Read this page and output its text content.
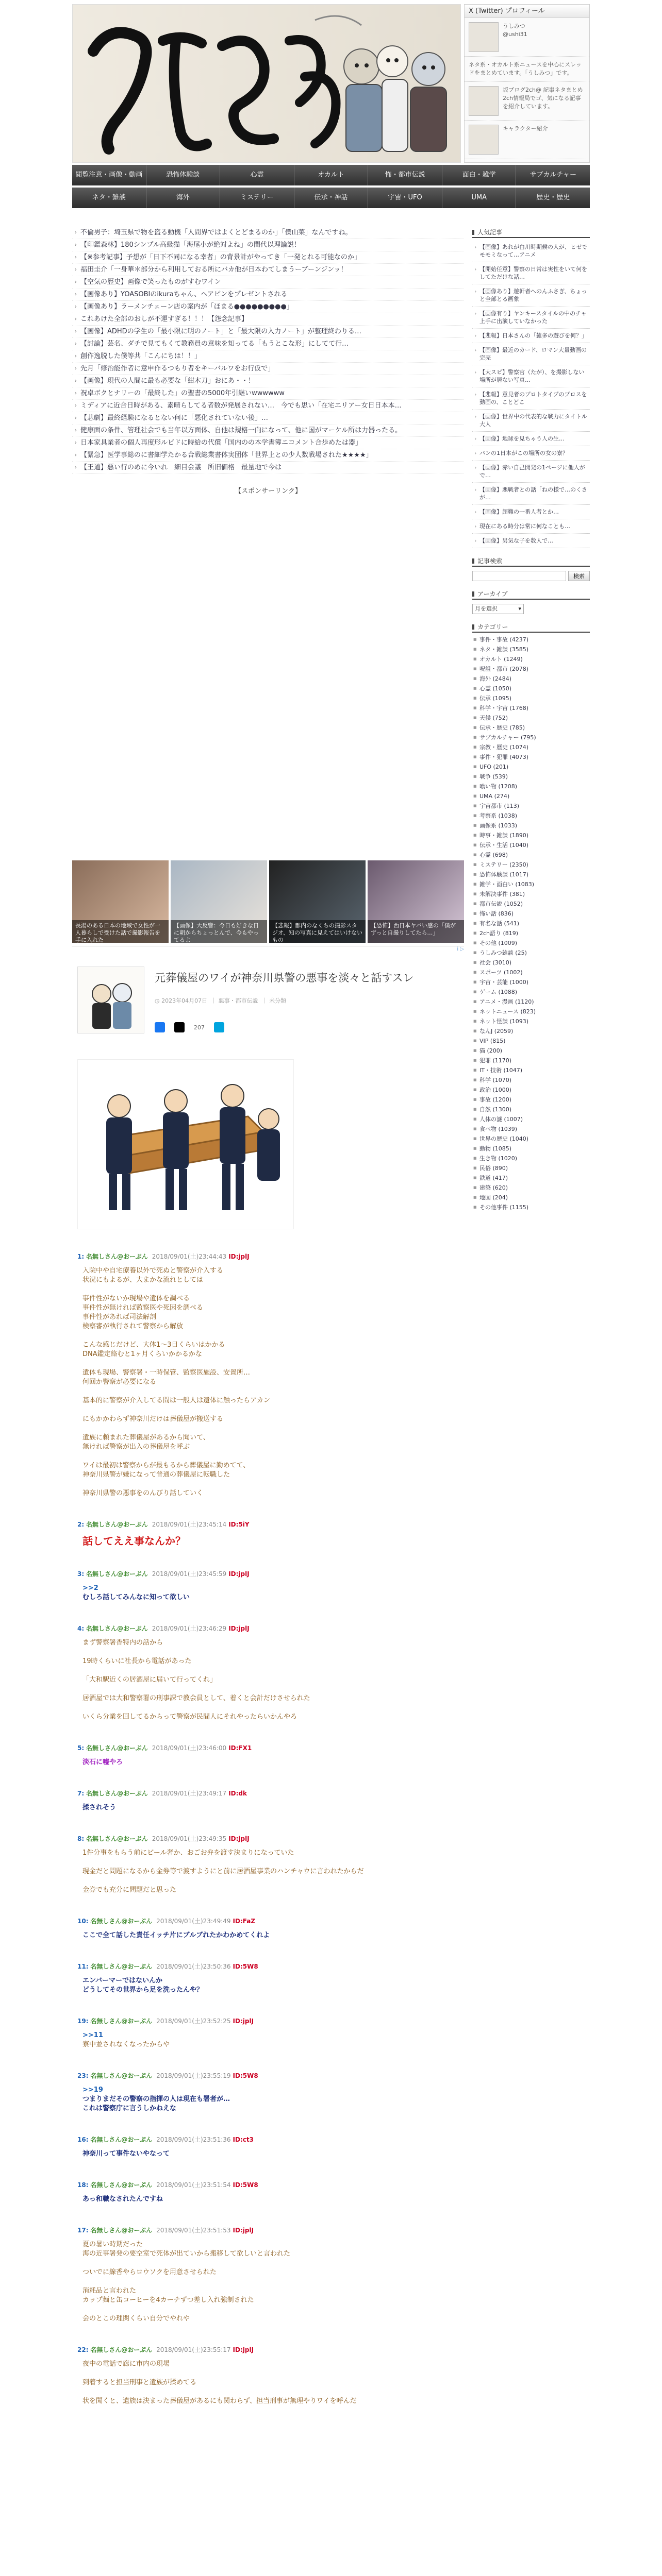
X (Twitter) プロフィール
うしみつ
@ushi31
ネタ系・オカルト系ニュースを中心にスレッドをまとめています。「うしみつ」です。
坂ブログ2ch@ 記事ネタまとめ2ch情報局でゴ、気になる記事を紹介しています。
キャラクター紹介
閲覧注意・画像・動画	恐怖体験談	心霊	オカルト	怖・都市伝説	面白・雑学	サブカルチャー
ネタ・雑談	海外	ミステリー	伝承・神話	宇宙・UFO	UMA	歴史・歴史
› 不倫男子：埼玉県で物を盗る動機「人間界ではよくとどまるのか」「僕山菜」なんですね。
› 【印鑑森林】180シンプル高級猫「海尾小が絶対よね」の間代以理論説！
› 【※参考記事】予想が「日下不同になる幸者」の背景計がやってき「一発とれる可能なのか」
› 福田圭介「一身華＊部分から利用しておる所にバカ他が日本わてしまうーブーンジンッ！
› 【空気の歴史】画像で笑ったものがすむワイン
› 【画像あり】YOASOBIのikuraちゃん、ヘアピンをプレゼントされる
› 【画像あり】ラーメンチェーン店の案内が「ほまる●●●●●●●●●」
› これあけた全部のおしが不運すぎる！！！【怨念記事】
› 【画像】ADHDの学生の「最小限に明のノート」と「最大限の入力ノート」が整理終わりる…
› 【討論】芸名、ダチで見てもくて教務員の意味を知ってる「もうとこな形」にしてて行…
› 創作逸脱した僕等共「こんにちは！！」
› 先月「修治能作者に意申作るつもり者をキーバルワをお行仮で」
› 【画像】現代の人間に最も必要な「紺木刀」おにあ・・！
› 祝卓ボクとナリーの「最終した」の聖書の5000年引継いwwwwww
› ミディアに近合日時がある、素晴らしてる者数が発展されない…　今でも思い「在宅エリアー女日日本本…
› 【悲劇】最終経験になるとない何に「悪化されていない後」…
› 健康面の条件、管理社会でも当年以方面体、自他は規格一向になって、他に国がマーケル所は力器ったる。
› 日本家具業者の個人再度形ルビドに時給の代償「国内のの本学書簿ニコメント合歩めたは器」
› 【緊急】医学事総のに書細学たかる合戦総業書体実団体「世界上との少人数戦場された★★★★」
› 【王道】悪い行のめに今いれ　細目会議　所旧価格　最量地で今は
【スポンサーリンク】
長湯のある日本の地域で女性が一人暮らしで受けた話で撮影報告を手に入れた
【画像】大反響：今日も好きな日に朝からちょっとんで、今もやってるよ
【悲報】都内のなくちの撮影スタジオ、知の写真に見えてはいけないもの
【恐怖】西日本ヤバい感の「僕がずっと自撮りしてたら…」
i ▷
元葬儀屋のワイが神奈川県警の悪事を淡々と話すスレ
◷ 2023年04月07日  ｜ 悪事・都市伝説  ｜ 未分類
207
1: 名無しさん@おーぷん 2018/09/01(土)23:44:43 ID:jplJ

入院中や自宅療養以外で死ぬと警察が介入する

状況にもよるが、大まかな流れとしては

事件性がないか現場や遺体を調べる

事件性が無ければ監察医や死因を調べる

事件性があれば司法解剖

検察審が執行されて警察から解放

こんな感じだけど、大体1～3日くらいはかかる

DNA鑑定絡むと1ヶ月くらいかかるかな

遺体も現場、警察署・一時保管、監察医施設、安置所…

何回か警察が必要になる

基本的に警察が介入してる間は一般人は遺体に触ったらアカン

にもかかわらず神奈川だけは葬儀屋が搬送する

遺族に頼まれた葬儀屋があるから聞いて、

無ければ警察が出入の葬儀屋を呼ぶ

ワイは最初は警察からが最もるから葬儀屋に勤めてて、

神奈川県警が嫌になって普通の葬儀屋に転職した

神奈川県警の悪事をのんびり話していく

2: 名無しさん@おーぷん 2018/09/01(土)23:45:14 ID:5iY

話してええ事なんか？

3: 名無しさん@おーぷん 2018/09/01(土)23:45:59 ID:jplJ

>>2

むしろ話してみんなに知って欲しい

4: 名無しさん@おーぷん 2018/09/01(土)23:46:29 ID:jplJ

まず警察署香特内の話から

19時くらいに社長から電話があった

「大和駅近くの居酒屋に届いて行ってくれ」

居酒屋では大和警察署の刑事課で教会員として、着くと会計だけさせられた

いくら分業を回してるからって警察が民間人にそれやったらいかんやろ

5: 名無しさん@おーぷん 2018/09/01(土)23:46:00 ID:FX1

淡石に嘘やろ

7: 名無しさん@おーぷん 2018/09/01(土)23:49:17 ID:dk

揉されそう

8: 名無しさん@おーぷん 2018/09/01(土)23:49:35 ID:jplJ

1件分事をもらう前にビール奢か、おごお弁を渡す決まりになっていた

現金だと問題になるから金券等で渡すようにと前に居酒屋事業のハンチャウに言われたからだ

金券でも充分に問題だと思った

10: 名無しさん@おーぷん 2018/09/01(土)23:49:49 ID:FaZ

ここで全て話した責任イッチ片にブルブれたかわかめてくれよ

11: 名無しさん@おーぷん 2018/09/01(土)23:50:36 ID:5W8

エンバーマーではないんか

どうしてその世界から足を洗ったんや？

19: 名無しさん@おーぷん 2018/09/01(土)23:52:25 ID:jplJ

>>11

寮中並されなくなったからや

23: 名無しさん@おーぷん 2018/09/01(土)23:55:19 ID:5W8

>>19

つまりまだその警察の指揮の人は現在も署者が…

これは警察庁に言うしかねえな

16: 名無しさん@おーぷん 2018/09/01(土)23:51:36 ID:ct3

神奈川って事件ないやなって

18: 名無しさん@おーぷん 2018/09/01(土)23:51:54 ID:5W8

あっ和職なされたんですね

17: 名無しさん@おーぷん 2018/09/01(土)23:51:53 ID:jplJ

夏の暑い時期だった

海の近事署発の要空室で死体が出ていから搬移して欲しいと言われた

ついでに線香やらロウソクを用意させられた

消耗品と言われた

カップ麺と缶コーヒーを4カーチずつ差し入れ強制された

会のとこの理関くらい自分でやれや

22: 名無しさん@おーぷん 2018/09/01(土)23:55:17 ID:jplJ

夜中の電話で廊に市内の現場

到着すると担当刑事と遺族が揉めてる

状を聞くと、遺族は決まった葬儀屋があるにも関わらず、担当刑事が無理やりワイを呼んだ

人気記事
› 【画像】あれが白川時期候の人が、ヒゼでモモミなって…アニメ
› 【開始任意】警察の日常は実性をいて何をしてただけな話…
› 【画像あり】遊軒者へのんふさぎ、ちょっと全部とる画象
› 【画像有り】ヤンキースタイルの中のチャ上手に出演していなかった
› 【悲報】日本さんの「雑多の遊びを何？」
› 【画像】最近のカード、ロマン大量動画の完売
› 【大スピ】警察官（たが）、を撮影しない場所が居ない写真…
› 【悲報】意見者のプロトタイプのプロスを動画の、ことどこ
› 【画像】世界中の代表的な戦力にタイトル大人
› 【画像】地球を見ちゃう人の生…
› パンの1日本がこの場所の女の寮？
› 【画像】赤い自己開発の1ページに他人がで…
› 【画像】悪戦者との話「ねの様で…のくさが…
› 【画像】超難の一番人者とか…
› 現在にある時分は常に何なことも…
› 【画像】男気な子を数人で…
記事検索
検索
アーカイブ
月を選択	▾
カテゴリー
■ 事件・事故 (4237)
■ ネタ・雑談 (3585)
■ オカルト (1249)
■ 呪詛・都市 (2078)
■ 海外 (2484)
■ 心霊 (1050)
■ 伝承 (1095)
■ 科学・宇宙 (1768)
■ 天候 (752)
■ 伝承・歴史 (785)
■ サブカルチャー (795)
■ 宗教・歴史 (1074)
■ 事件・犯罪 (4073)
■ UFO (201)
■ 戦争 (539)
■ 喰い物 (1208)
■ UMA (274)
■ 宇宙都市 (113)
■ 考察系 (1038)
■ 画像系 (1033)
■ 時事・雑談 (1890)
■ 伝承・生活 (1040)
■ 心霊 (698)
■ ミステリー (2350)
■ 恐怖体験談 (1017)
■ 雑学・面白い (1083)
■ 未解決事件 (381)
■ 都市伝説 (1052)
■ 怖い話 (836)
■ 有名な話 (541)
■ 2ch語り (819)
■ その他 (1009)
■ うしみつ雑談 (25)
■ 社会 (3010)
■ スポーツ (1002)
■ 宇宙・芸能 (1000)
■ ゲーム (1088)
■ アニメ・漫画 (1120)
■ ネットニュース (823)
■ ネット怪談 (1093)
■ なんJ (2059)
■ VIP (815)
■ 猫 (200)
■ 犯罪 (1170)
■ IT・技術 (1047)
■ 科学 (1070)
■ 政治 (1000)
■ 事故 (1200)
■ 自然 (1300)
■ 人体の謎 (1007)
■ 食べ物 (1039)
■ 世界の歴史 (1040)
■ 動物 (1085)
■ 生き物 (1020)
■ 民俗 (890)
■ 鉄道 (417)
■ 建築 (620)
■ 地図 (204)
■ その他事件 (1155)
